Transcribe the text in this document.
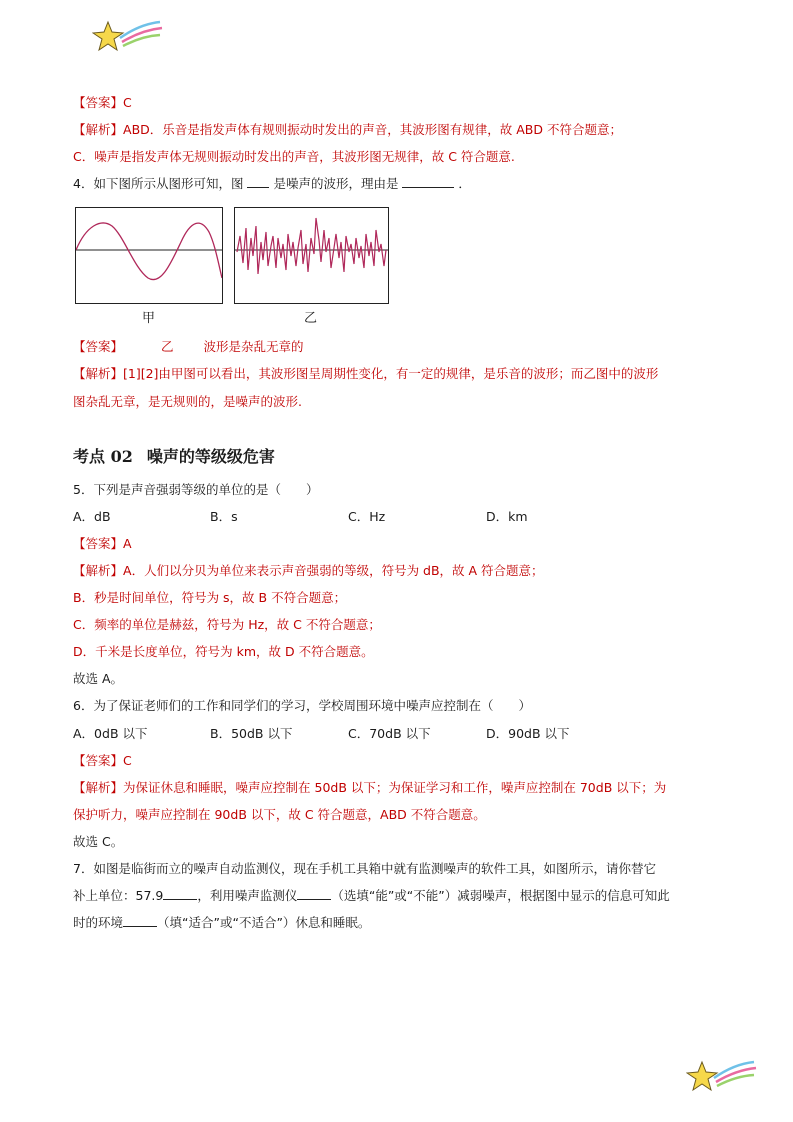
【答案】C
【解析】ABD．乐音是指发声体有规则振动时发出的声音，其波形图有规律，故 ABD 不符合题意；
C．噪声是指发声体无规则振动时发出的声音，其波形图无规律，故 C 符合题意.
4．如下图所示从图形可知，图 是噪声的波形，理由是	．
甲	乙
【答案】	乙 波形是杂乱无章的
【解析】[1][2]由甲图可以看出，其波形图呈周期性变化，有一定的规律，是乐音的波形；而乙图中的波形
图杂乱无章，是无规则的，是噪声的波形.
考点 02 噪声的等级级危害
5．下列是声音强弱等级的单位的是（　　）
A．dB	B．s	C．Hz	D．km
【答案】A
【解析】A．人们以分贝为单位来表示声音强弱的等级，符号为 dB，故 A 符合题意；
B．秒是时间单位，符号为 s，故 B 不符合题意；
C．频率的单位是赫兹，符号为 Hz，故 C 不符合题意；
D．千米是长度单位，符号为 km，故 D 不符合题意。
故选 A。
6．为了保证老师们的工作和同学们的学习，学校周围环境中噪声应控制在（　　）
A．0dB 以下	B．50dB 以下	C．70dB 以下	D．90dB 以下
【答案】C
【解析】为保证休息和睡眠，噪声应控制在 50dB 以下；为保证学习和工作，噪声应控制在 70dB 以下；为
保护听力，噪声应控制在 90dB 以下，故 C 符合题意，ABD 不符合题意。
故选 C。
7．如图是临街而立的噪声自动监测仪，现在手机工具箱中就有监测噪声的软件工具，如图所示，请你替它
补上单位：57.9	，利用噪声监测仪	（选填“能”或“不能”）减弱噪声，根据图中显示的信息可知此
时的环境	（填“适合”或“不适合”）休息和睡眠。
